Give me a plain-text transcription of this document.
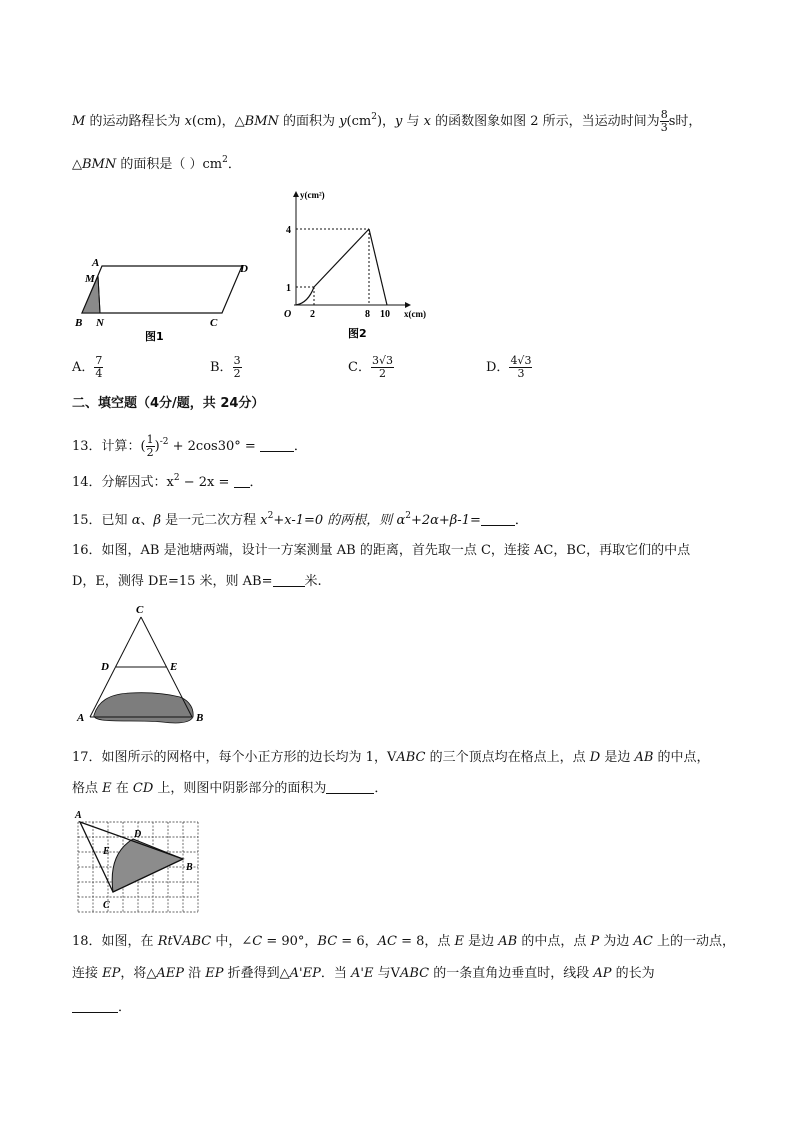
M 的运动路程长为 x(cm)，△BMN 的面积为 $y(cm^2)$，y 与 x 的函数图象如图 2 所示，当运动时间为 $\frac{8}{3}$ s时，
△BMN 的面积是（ ）$cm^2$．
A
M
B N	C
D
图1
y(cm²)
x(cm)
O
1
4
2	8 10
图2
A． $\frac{7}{4}$	B． $\frac{3}{2}$	C． $\frac{3√3}{2}$	D． $\frac{4√3}{3}$
二、填空题（4分/题，共 24分）
13．计算：( $\frac{1}{2} )^{-2} + 2\cos 30^\circ$ =	．
14．分解因式：$x^2 - 2x$ = ．
15．已知 α、β 是一元二次方程 $x^2+x-1=0$ 的两根，则 $\alpha^2+2\alpha+\beta-1=$	．
16．如图，AB 是池塘两端，设计一方案测量 AB 的距离，首先取一点 C，连接 AC，BC，再取它们的中点
D，E，测得 DE=15 米，则 AB= 米.
C
D	E
A	B
17．如图所示的网格中，每个小正方形的边长均为 1，VABC 的三个顶点均在格点上，点 D 是边 AB 的中点，
格点 E 在 CD 上，则图中阴影部分的面积为	．
A
D
E
B
C
18．如图，在 RtVABC 中，∠C = 90°，BC = 6，AC = 8，点 E 是边 AB 的中点，点 P 为边 AC 上的一动点，
连接 EP，将△AEP 沿 EP 折叠得到△A'EP．当 A'E 与VABC 的一条直角边垂直时，线段 AP 的长为
．
